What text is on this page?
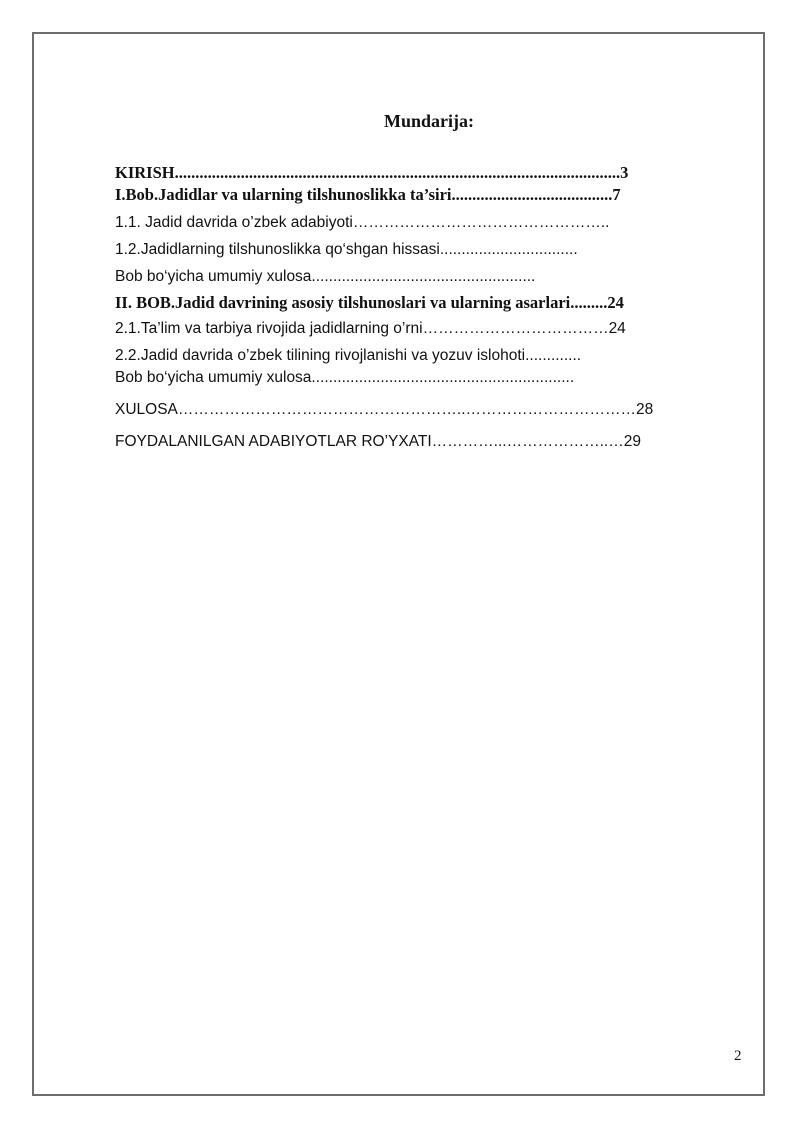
Mundarija:
KIRISH............................................................................................................3
I.Bob.Jadidlar va ularning tilshunoslikka ta’siri.......................................7
1.1. Jadid davrida o’zbek adabiyoti…………………………………………..
1.2.Jadidlarning tilshunoslikka qo‘shgan hissasi................................
Bob bo‘yicha umumiy xulosa....................................................
II. BOB.Jadid davrining asosiy tilshunoslari va ularning asarlari.........24
2.1.Ta’lim va tarbiya rivojida jadidlarning o’rni………………………………24
2.2.Jadid davrida o’zbek tilining rivojlanishi va yozuv islohoti.............
Bob bo‘yicha umumiy xulosa.............................................................
XULOSA………………………………………………..……………………………28
FOYDALANILGAN ADABIYOTLAR RO’YXATI…………...………………..…29
2
